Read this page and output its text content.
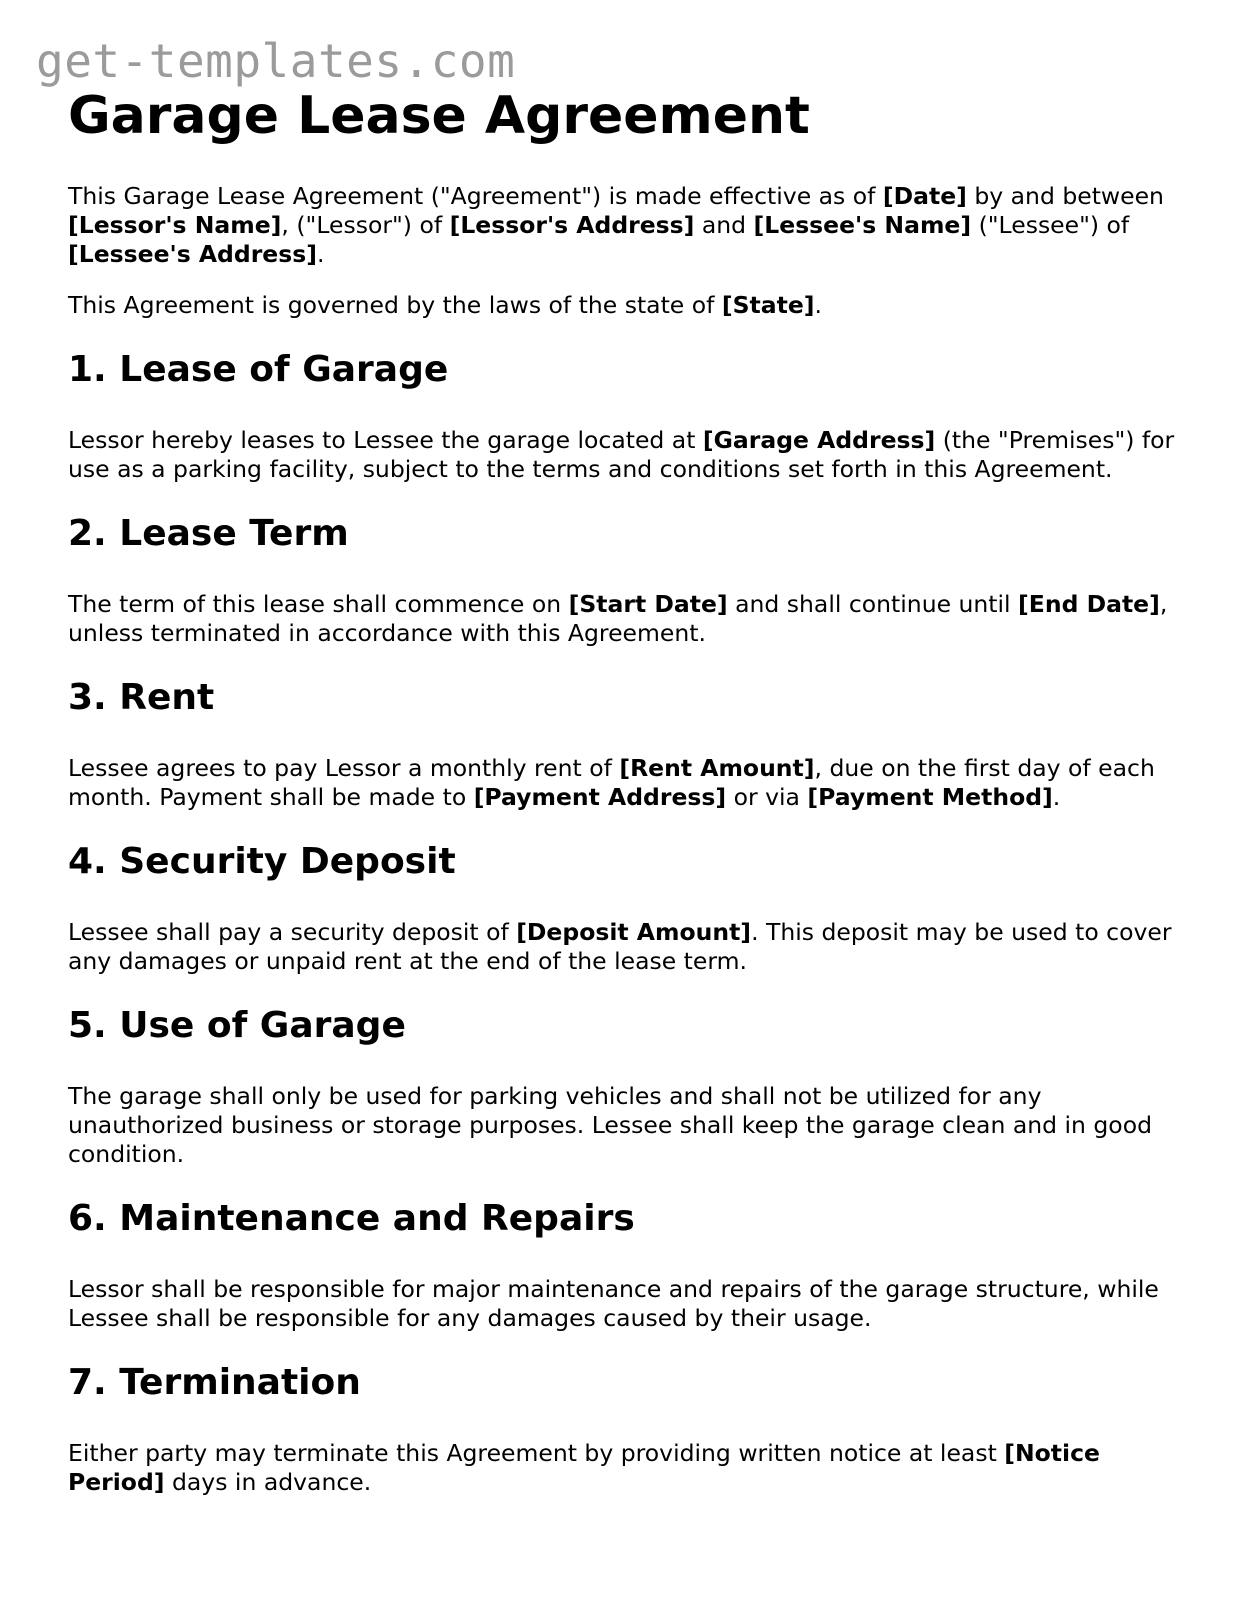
get-templates.com
Garage Lease Agreement

This Garage Lease Agreement ("Agreement") is made effective as of [Date] by and between [Lessor's Name], ("Lessor") of [Lessor's Address] and [Lessee's Name] ("Lessee") of [Lessee's Address].

This Agreement is governed by the laws of the state of [State].

1. Lease of Garage

Lessor hereby leases to Lessee the garage located at [Garage Address] (the "Premises") for use as a parking facility, subject to the terms and conditions set forth in this Agreement.

2. Lease Term

The term of this lease shall commence on [Start Date] and shall continue until [End Date], unless terminated in accordance with this Agreement.

3. Rent

Lessee agrees to pay Lessor a monthly rent of [Rent Amount], due on the first day of each month. Payment shall be made to [Payment Address] or via [Payment Method].

4. Security Deposit

Lessee shall pay a security deposit of [Deposit Amount]. This deposit may be used to cover any damages or unpaid rent at the end of the lease term.

5. Use of Garage

The garage shall only be used for parking vehicles and shall not be utilized for any unauthorized business or storage purposes. Lessee shall keep the garage clean and in good condition.

6. Maintenance and Repairs

Lessor shall be responsible for major maintenance and repairs of the garage structure, while Lessee shall be responsible for any damages caused by their usage.

7. Termination

Either party may terminate this Agreement by providing written notice at least [Notice Period] days in advance.
